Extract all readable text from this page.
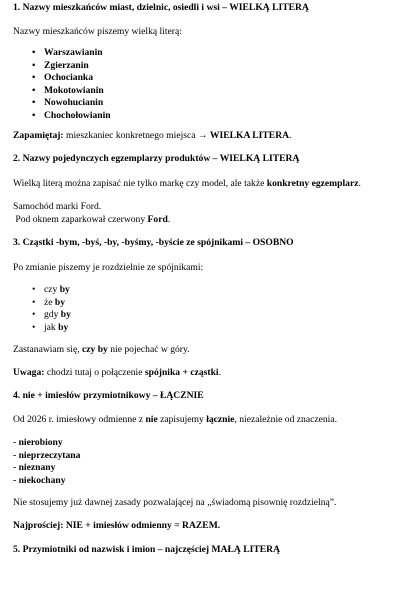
1. Nazwy mieszkańców miast, dzielnic, osiedli i wsi – WIELKĄ LITERĄ
Nazwy mieszkańców piszemy wielką literą:
• Warszawianin
• Zgierzanin
• Ochocianka
• Mokotowianin
• Nowohucianin
• Chochołowianin
Zapamiętaj: mieszkaniec konkretnego miejsca → WIELKA LITERA.
2. Nazwy pojedynczych egzemplarzy produktów – WIELKĄ LITERĄ
Wielką literą można zapisać nie tylko markę czy model, ale także konkretny egzemplarz.
Samochód marki Ford.
Pod oknem zaparkował czerwony Ford.
3. Cząstki -bym, -byś, -by, -byśmy, -byście ze spójnikami – OSOBNO
Po zmianie piszemy je rozdzielnie ze spójnikami:
• czy by
• że by
• gdy by
• jak by
Zastanawiam się, czy by nie pojechać w góry.
Uwaga: chodzi tutaj o połączenie spójnika + cząstki.
4. nie + imiesłów przymiotnikowy – ŁĄCZNIE
Od 2026 r. imiesłowy odmienne z nie zapisujemy łącznie, niezależnie od znaczenia.
- nierobiony
- nieprzeczytana
- nieznany
- niekochany
Nie stosujemy już dawnej zasady pozwalającej na „świadomą pisownię rozdzielną”.
Najprościej: NIE + imiesłów odmienny = RAZEM.
5. Przymiotniki od nazwisk i imion – najczęściej MAŁĄ LITERĄ
